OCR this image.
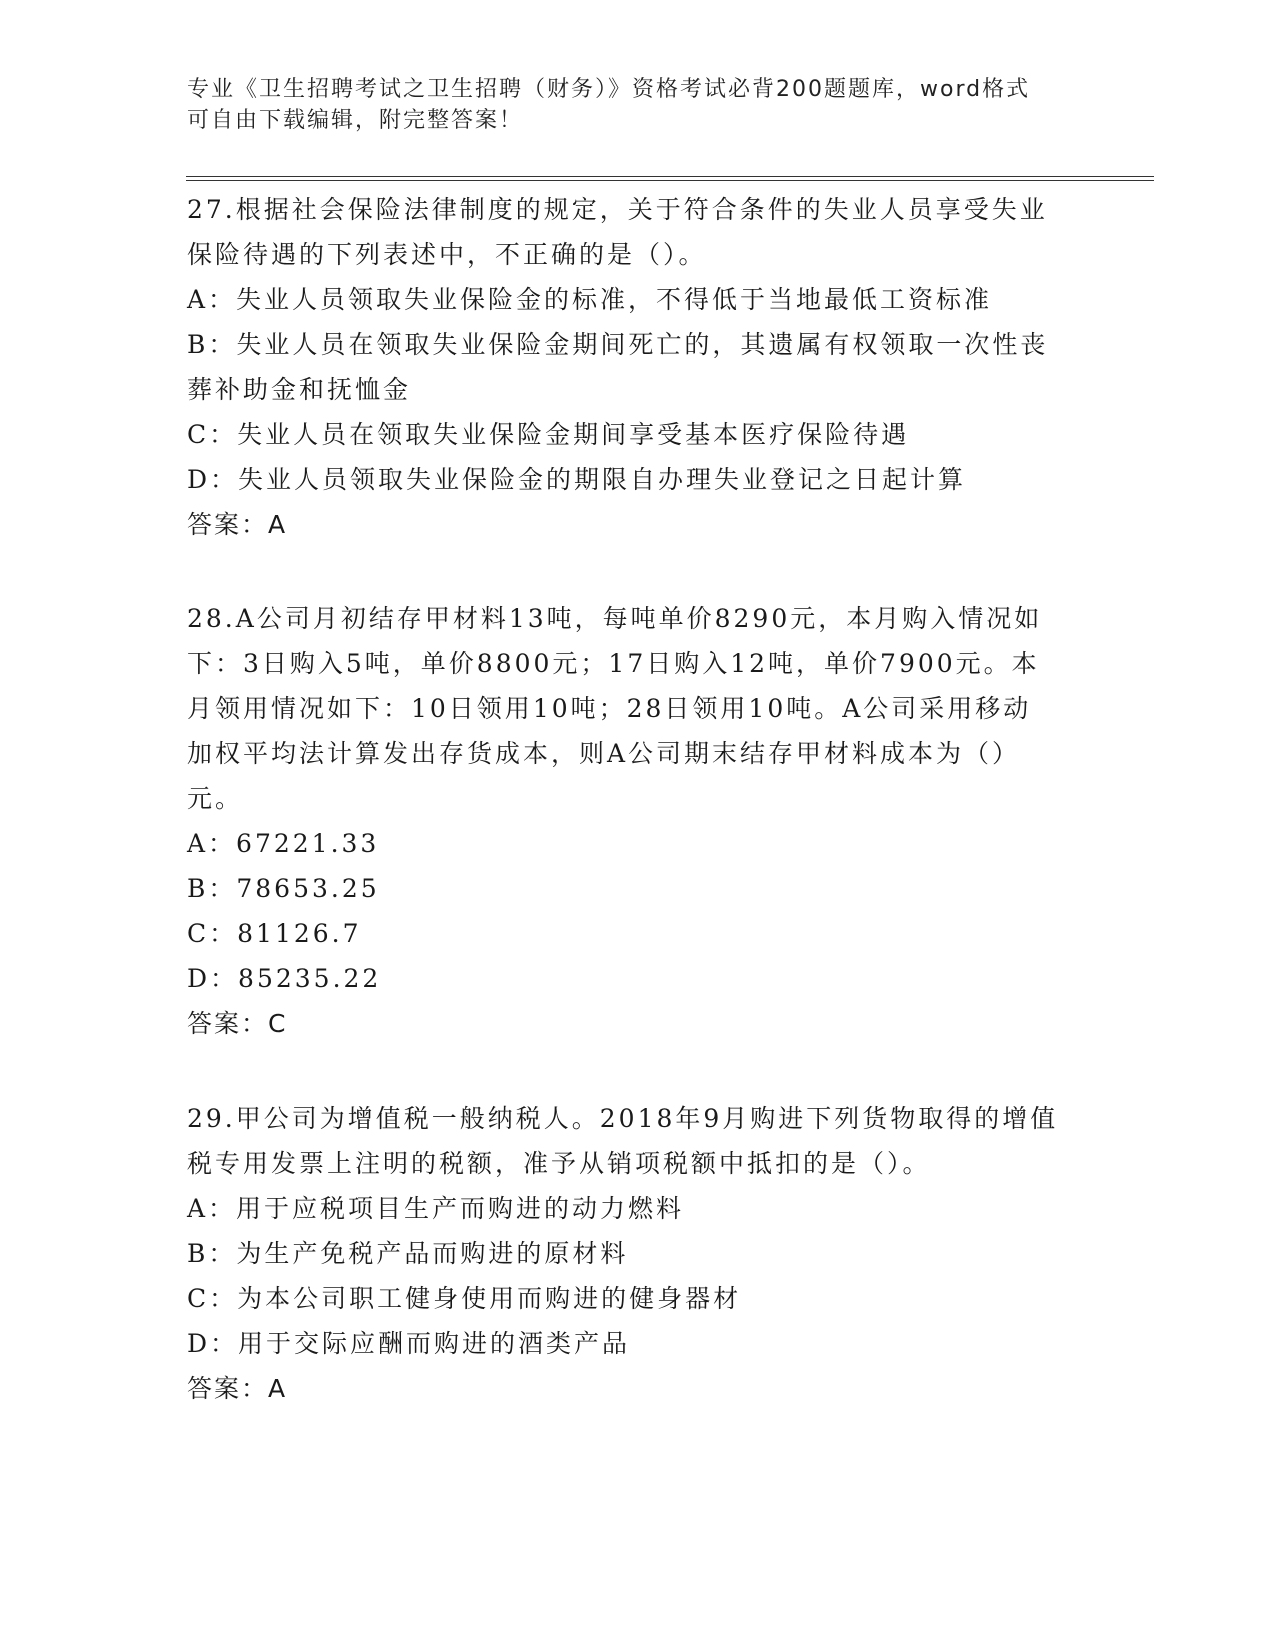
专业《卫生招聘考试之卫生招聘（财务）》资格考试必背200题题库，word格式
可自由下载编辑，附完整答案！

27.根据社会保险法律制度的规定，关于符合条件的失业人员享受失业

保险待遇的下列表述中，不正确的是（）。

A：失业人员领取失业保险金的标准，不得低于当地最低工资标准

B：失业人员在领取失业保险金期间死亡的，其遗属有权领取一次性丧

葬补助金和抚恤金

C：失业人员在领取失业保险金期间享受基本医疗保险待遇

D：失业人员领取失业保险金的期限自办理失业登记之日起计算

答案：A

28.A公司月初结存甲材料13吨，每吨单价8290元，本月购入情况如

下：3日购入5吨，单价8800元；17日购入12吨，单价7900元。本

月领用情况如下：10日领用10吨；28日领用10吨。A公司采用移动

加权平均法计算发出存货成本，则A公司期末结存甲材料成本为（）

元。

A：67221.33

B：78653.25

C：81126.7

D：85235.22

答案：C

29.甲公司为增值税一般纳税人。2018年9月购进下列货物取得的增值

税专用发票上注明的税额，准予从销项税额中抵扣的是（）。

A：用于应税项目生产而购进的动力燃料

B：为生产免税产品而购进的原材料

C：为本公司职工健身使用而购进的健身器材

D：用于交际应酬而购进的酒类产品

答案：A
